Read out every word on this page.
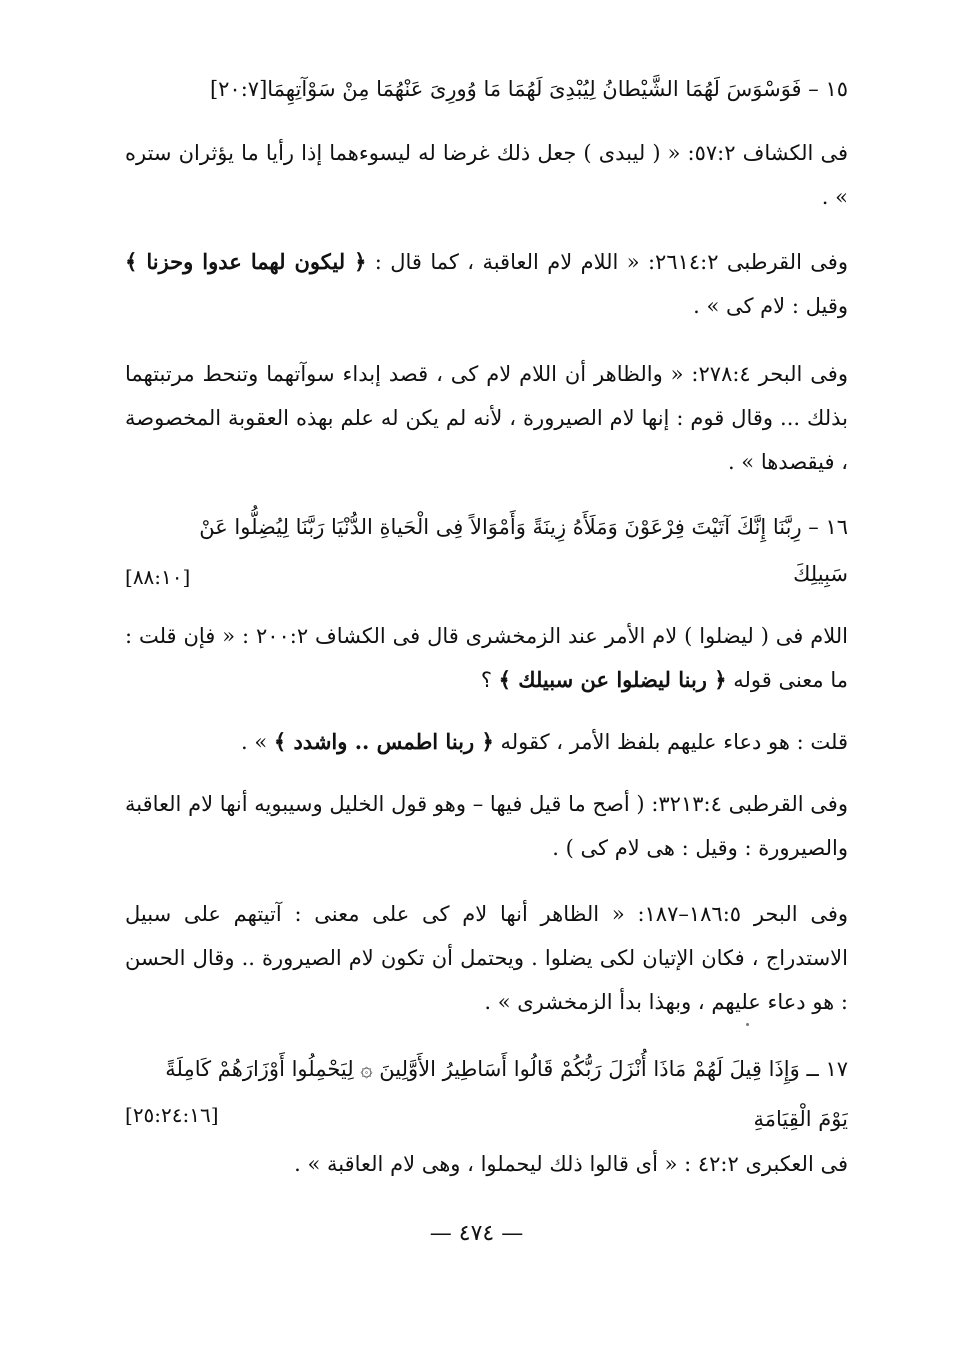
١٥ – فَوَسْوَسَ لَهُمَا الشَّيْطانُ لِيُبْدِىَ لَهُمَا مَا وُورِىَ عَنْهُمَا مِنْ سَوْآتِهِمَا[٢٠:٧]
فى الكشاف ٥٧:٢: « ( ليبدى ) جعل ذلك غرضا له ليسوءهما إذا رأيا ما يؤثران ستره » .
وفى القرطبى ٢٦١٤:٢: « اللام لام العاقبة ، كما قال : ﴿ ليكون لهما عدوا وحزنا ﴾ وقيل : لام كى » .
وفى البحر ٢٧٨:٤: « والظاهر أن اللام لام كى ، قصد إبداء سوآتهما وتنحط مرتبتهما بذلك ... وقال قوم : إنها لام الصيرورة ، لأنه لم يكن له علم بهذه العقوبة المخصوصة ، فيقصدها » .
١٦ – رِبَّنَا إِنَّكَ آتَيْتَ فِرْعَوْنَ وَمَلَأَهُ زِينَةً وَأَمْوَالاً فِى الْحَياةِ الدُّنْيَا رَبَّنَا لِيُضِلُّوا عَنْ
سَبِيلِكَ
[٨٨:١٠]
اللام فى ( ليضلوا ) لام الأمر عند الزمخشرى قال فى الكشاف ٢٠٠:٢ : « فإن قلت : ما معنى قوله ﴿ ربنا ليضلوا عن سبيلك ﴾ ؟
قلت : هو دعاء عليهم بلفظ الأمر ، كقوله ﴿ ربنا اطمس .. واشدد ﴾ » .
وفى القرطبى ٣٢١٣:٤: ( أصح ما قيل فيها – وهو قول الخليل وسيبويه أنها لام العاقبة والصيرورة : وقيل : هى لام كى ) .
وفى البحر ١٨٦:٥–١٨٧: « الظاهر أنها لام كى على معنى : آتيتهم على سبيل الاستدراج ، فكان الإتيان لكى يضلوا . ويحتمل أن تكون لام الصيرورة .. وقال الحسن : هو دعاء عليهم ، وبهذا بدأ الزمخشرى » .
١٧ ــ وَإِذَا قِيلَ لَهُمْ مَاذَا أُنْزَلَ رَبُّكُمْ قَالُوا أَسَاطِيرُ الأَوَّلِينَ ۞ لِيَحْمِلُوا أَوْزَارَهُمْ كَامِلَةً
يَوْمَ الْقِيَامَةِ
[٢٥:٢٤:١٦]
فى العكبرى ٤٢:٢ : « أى قالوا ذلك ليحملوا ، وهى لام العاقبة » .
— ٤٧٤ —
